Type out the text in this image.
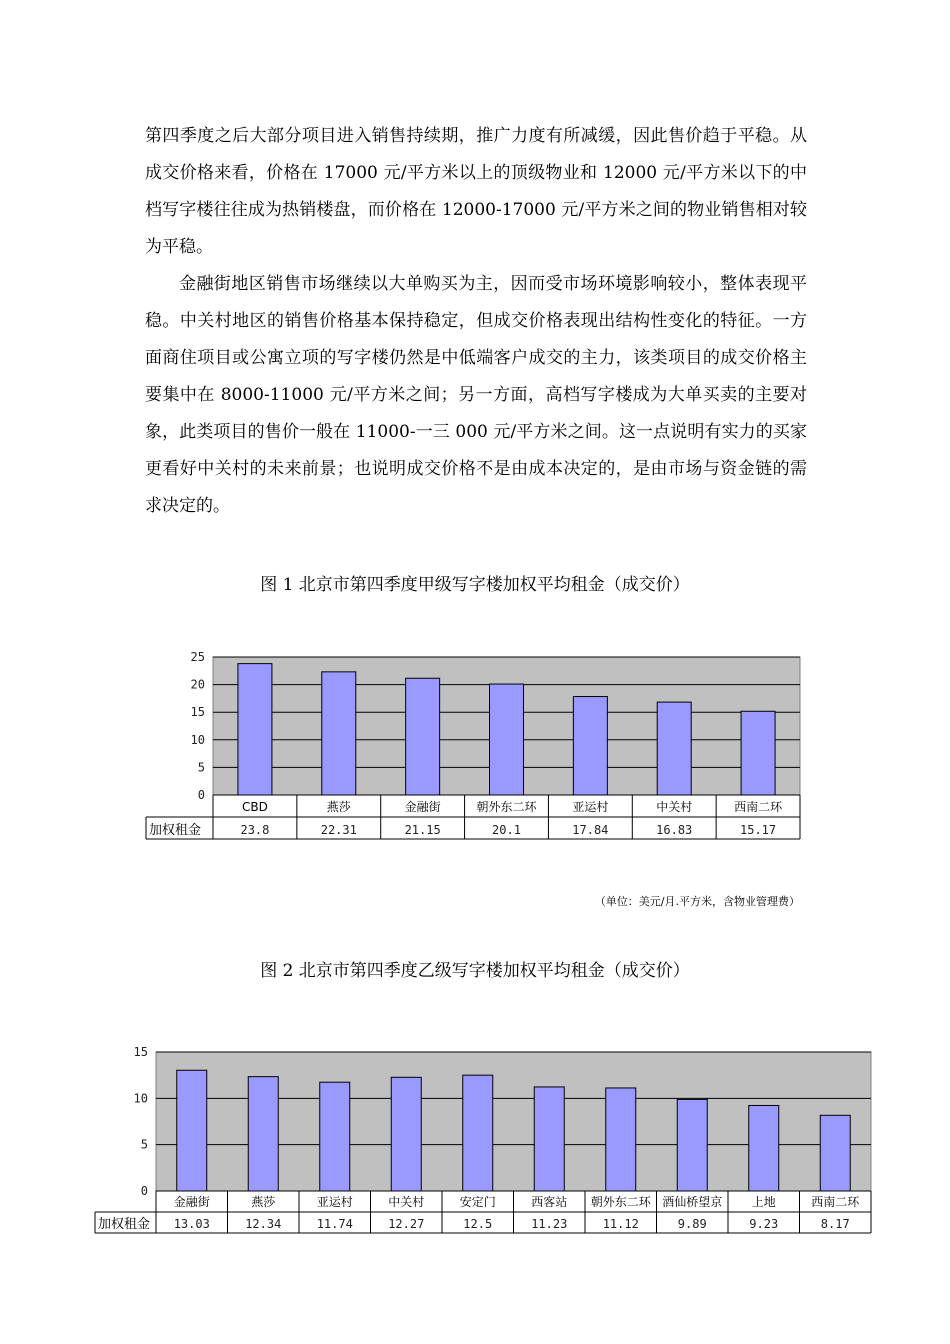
第四季度之后大部分项目进入销售持续期，推广力度有所减缓，因此售价趋于平稳。从成交价格来看，价格在 17000 元/平方米以上的顶级物业和 12000 元/平方米以下的中档写字楼往往成为热销楼盘，而价格在 12000-17000 元/平方米之间的物业销售相对较为平稳。

金融街地区销售市场继续以大单购买为主，因而受市场环境影响较小，整体表现平稳。中关村地区的销售价格基本保持稳定，但成交价格表现出结构性变化的特征。一方面商住项目或公寓立项的写字楼仍然是中低端客户成交的主力，该类项目的成交价格主要集中在 8000-11000 元/平方米之间；另一方面，高档写字楼成为大单买卖的主要对象，此类项目的售价一般在 11000-一三 000 元/平方米之间。这一点说明有实力的买家更看好中关村的未来前景；也说明成交价格不是由成本决定的，是由市场与资金链的需求决定的。

图 1 北京市第四季度甲级写字楼加权平均租金（成交价）

0
5
10
15
20
25
CBD
23.8
燕莎
22.31
金融街
21.15
朝外东二环
20.1
亚运村
17.84
中关村
16.83
西南二环
15.17
加权租金

（单位：美元/月.平方米，含物业管理费）

图 2 北京市第四季度乙级写字楼加权平均租金（成交价）

0
5
10
15
金融街
13.03
燕莎
12.34
亚运村
11.74
中关村
12.27
安定门
12.5
西客站
11.23
朝外东二环
11.12
酒仙桥望京
9.89
上地
9.23
西南二环
8.17
加权租金
